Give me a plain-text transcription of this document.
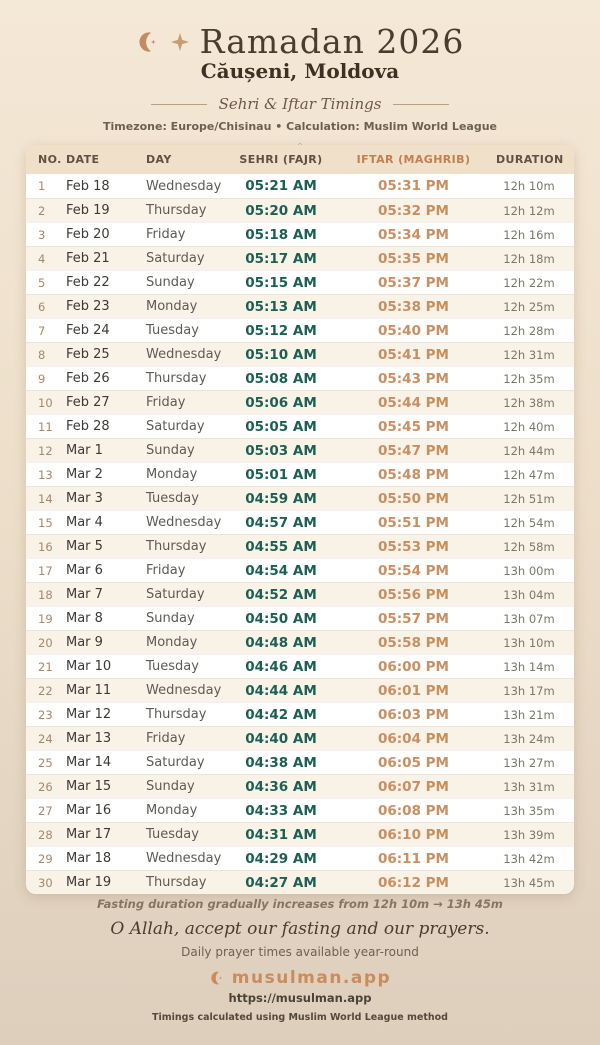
Ramadan 2026
Căușeni, Moldova
Sehri & Iftar Timings
Timezone: Europe/Chisinau • Calculation: Muslim World League
NO. DATE	DAY	SEHRI (FAJR)	IFTAR (MAGHRIB)	DURATION
1	Feb 18	Wednesday	05:21 AM	05:31 PM	12h 10m
2	Feb 19	Thursday	05:20 AM	05:32 PM	12h 12m
3	Feb 20	Friday	05:18 AM	05:34 PM	12h 16m
4	Feb 21	Saturday	05:17 AM	05:35 PM	12h 18m
5	Feb 22	Sunday	05:15 AM	05:37 PM	12h 22m
6	Feb 23	Monday	05:13 AM	05:38 PM	12h 25m
7	Feb 24	Tuesday	05:12 AM	05:40 PM	12h 28m
8	Feb 25	Wednesday	05:10 AM	05:41 PM	12h 31m
9	Feb 26	Thursday	05:08 AM	05:43 PM	12h 35m
10	Feb 27	Friday	05:06 AM	05:44 PM	12h 38m
11	Feb 28	Saturday	05:05 AM	05:45 PM	12h 40m
12	Mar 1	Sunday	05:03 AM	05:47 PM	12h 44m
13	Mar 2	Monday	05:01 AM	05:48 PM	12h 47m
14	Mar 3	Tuesday	04:59 AM	05:50 PM	12h 51m
15	Mar 4	Wednesday	04:57 AM	05:51 PM	12h 54m
16	Mar 5	Thursday	04:55 AM	05:53 PM	12h 58m
17	Mar 6	Friday	04:54 AM	05:54 PM	13h 00m
18	Mar 7	Saturday	04:52 AM	05:56 PM	13h 04m
19	Mar 8	Sunday	04:50 AM	05:57 PM	13h 07m
20	Mar 9	Monday	04:48 AM	05:58 PM	13h 10m
21	Mar 10	Tuesday	04:46 AM	06:00 PM	13h 14m
22	Mar 11	Wednesday	04:44 AM	06:01 PM	13h 17m
23	Mar 12	Thursday	04:42 AM	06:03 PM	13h 21m
24	Mar 13	Friday	04:40 AM	06:04 PM	13h 24m
25	Mar 14	Saturday	04:38 AM	06:05 PM	13h 27m
26	Mar 15	Sunday	04:36 AM	06:07 PM	13h 31m
27	Mar 16	Monday	04:33 AM	06:08 PM	13h 35m
28	Mar 17	Tuesday	04:31 AM	06:10 PM	13h 39m
29	Mar 18	Wednesday	04:29 AM	06:11 PM	13h 42m
30	Mar 19	Thursday	04:27 AM	06:12 PM	13h 45m
Fasting duration gradually increases from 12h 10m → 13h 45m
O Allah, accept our fasting and our prayers.
Daily prayer times available year-round
musulman.app
https://musulman.app
Timings calculated using Muslim World League method
